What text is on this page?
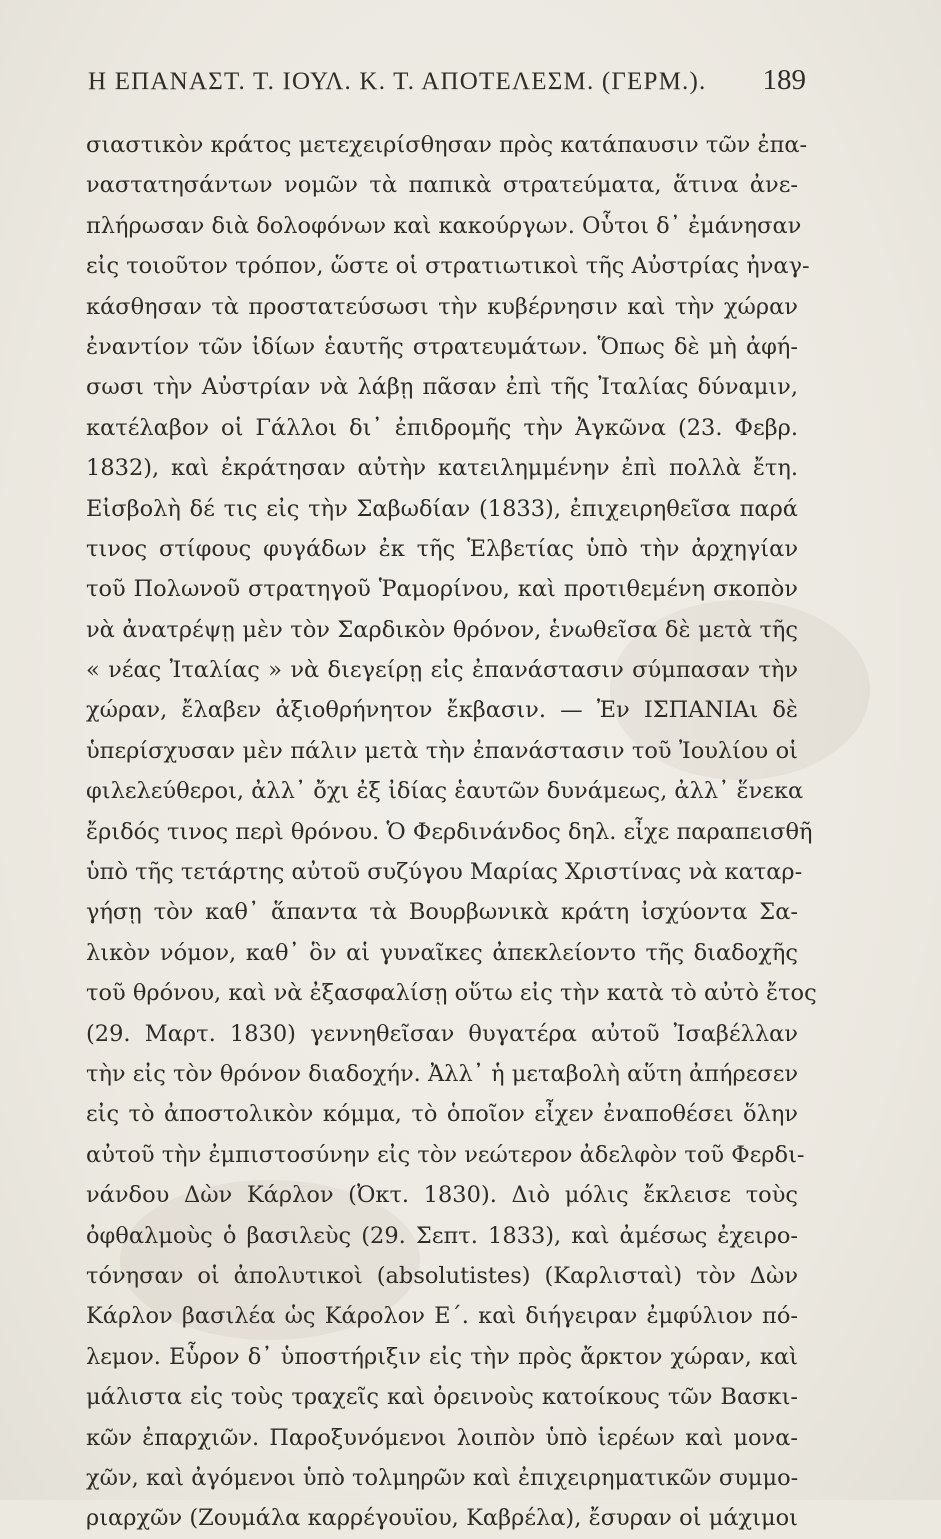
Η ΕΠΑΝΑΣΤ. Τ. ΙΟΥΛ. Κ. Τ. ΑΠΟΤΕΛΕΣΜ. (ΓΕΡΜ.). 189
σιαστικὸν κράτος μετεχειρίσθησαν πρὸς κατάπαυσιν τῶν ἐπα-
ναστατησάντων νομῶν τὰ παπικὰ στρατεύματα, ἅτινα ἀνε-
πλήρωσαν διὰ δολοφόνων καὶ κακούργων. Οὗτοι δ᾽ ἐμάνησαν
εἰς τοιοῦτον τρόπον, ὥστε οἱ στρατιωτικοὶ τῆς Αὐστρίας ἠναγ-
κάσθησαν τὰ προστατεύσωσι τὴν κυβέρνησιν καὶ τὴν χώραν
ἐναντίον τῶν ἰδίων ἑαυτῆς στρατευμάτων. Ὅπως δὲ μὴ ἀφή-
σωσι τὴν Αὐστρίαν νὰ λάβῃ πᾶσαν ἐπὶ τῆς Ἰταλίας δύναμιν,
κατέλαβον οἱ Γάλλοι δι᾽ ἐπιδρομῆς τὴν Ἀγκῶνα (23. Φεβρ.
1832), καὶ ἐκράτησαν αὐτὴν κατειλημμένην ἐπὶ πολλὰ ἔτη.
Εἰσβολὴ δέ τις εἰς τὴν Σαβωδίαν (1833), ἐπιχειρηθεῖσα παρά
τινος στίφους φυγάδων ἐκ τῆς Ἑλβετίας ὑπὸ τὴν ἀρχηγίαν
τοῦ Πολωνοῦ στρατηγοῦ Ῥαμορίνου, καὶ προτιθεμένη σκοπὸν
νὰ ἀνατρέψῃ μὲν τὸν Σαρδικὸν θρόνον, ἑνωθεῖσα δὲ μετὰ τῆς
« νέας Ἰταλίας » νὰ διεγείρῃ εἰς ἐπανάστασιν σύμπασαν τὴν
χώραν, ἔλαβεν ἀξιοθρήνητον ἔκβασιν. — Ἐν ΙΣΠΑΝΙΑι δὲ
ὑπερίσχυσαν μὲν πάλιν μετὰ τὴν ἐπανάστασιν τοῦ Ἰουλίου οἱ
φιλελεύθεροι, ἀλλ᾽ ὄχι ἐξ ἰδίας ἑαυτῶν δυνάμεως, ἀλλ᾽ ἕνεκα
ἔριδός τινος περὶ θρόνου. Ὁ Φερδινάνδος δηλ. εἶχε παραπεισθῆ
ὑπὸ τῆς τετάρτης αὐτοῦ συζύγου Μαρίας Χριστίνας νὰ καταρ-
γήσῃ τὸν καθ᾽ ἅπαντα τὰ Βουρβωνικὰ κράτη ἰσχύοντα Σα-
λικὸν νόμον, καθ᾽ ὃν αἱ γυναῖκες ἀπεκλείοντο τῆς διαδοχῆς
τοῦ θρόνου, καὶ νὰ ἐξασφαλίσῃ οὕτω εἰς τὴν κατὰ τὸ αὐτὸ ἔτος
(29. Μαρτ. 1830) γεννηθεῖσαν θυγατέρα αὐτοῦ Ἰσαβέλλαν
τὴν εἰς τὸν θρόνον διαδοχήν. Ἀλλ᾽ ἡ μεταβολὴ αὕτη ἀπήρεσεν
εἰς τὸ ἀποστολικὸν κόμμα, τὸ ὁποῖον εἶχεν ἐναποθέσει ὅλην
αὐτοῦ τὴν ἐμπιστοσύνην εἰς τὸν νεώτερον ἀδελφὸν τοῦ Φερδι-
νάνδου Δὼν Κάρλον (Ὀκτ. 1830). Διὸ μόλις ἔκλεισε τοὺς
ὀφθαλμοὺς ὁ βασιλεὺς (29. Σεπτ. 1833), καὶ ἀμέσως ἐχειρο-
τόνησαν οἱ ἀπολυτικοὶ (absolutistes) (Καρλισταὶ) τὸν Δὼν
Κάρλον βασιλέα ὡς Κάρολον Ε΄. καὶ διήγειραν ἐμφύλιον πό-
λεμον. Εὗρον δ᾽ ὑποστήριξιν εἰς τὴν πρὸς ἄρκτον χώραν, καὶ
μάλιστα εἰς τοὺς τραχεῖς καὶ ὀρεινοὺς κατοίκους τῶν Βασκι-
κῶν ἐπαρχιῶν. Παροξυνόμενοι λοιπὸν ὑπὸ ἱερέων καὶ μονα-
χῶν, καὶ ἀγόμενοι ὑπὸ τολμηρῶν καὶ ἐπιχειρηματικῶν συμμο-
ριαρχῶν (Ζουμάλα καρρέγουϊου, Καβρέλα), ἔσυραν οἱ μάχιμοι
